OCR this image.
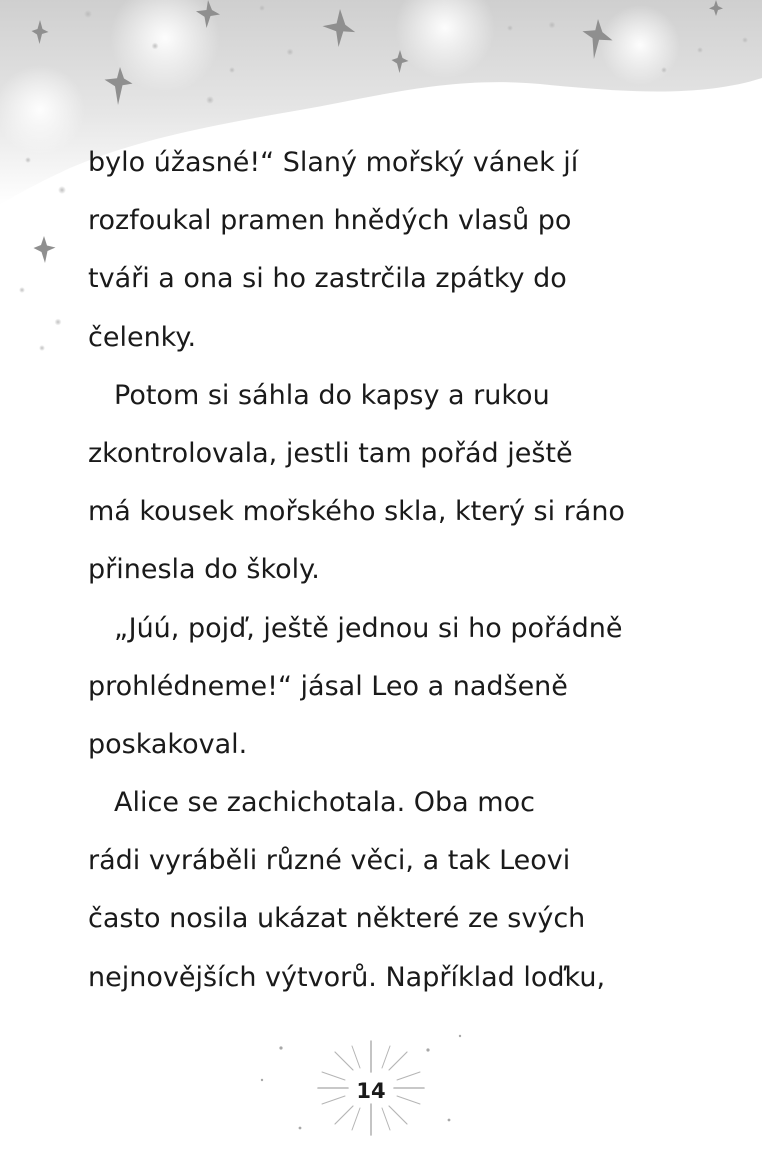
bylo úžasné!“ Slaný mořský vánek jí
rozfoukal pramen hnědých vlasů po
tváři a ona si ho zastrčila zpátky do
čelenky.
Potom si sáhla do kapsy a rukou
zkontrolovala, jestli tam pořád ještě
má kousek mořského skla, který si ráno
přinesla do školy.
„Júú, pojď, ještě jednou si ho pořádně
prohlédneme!“ jásal Leo a nadšeně
poskakoval.
Alice se zachichotala. Oba moc
rádi vyráběli různé věci, a tak Leovi
často nosila ukázat některé ze svých
nejnovějších výtvorů. Například loďku,
14
